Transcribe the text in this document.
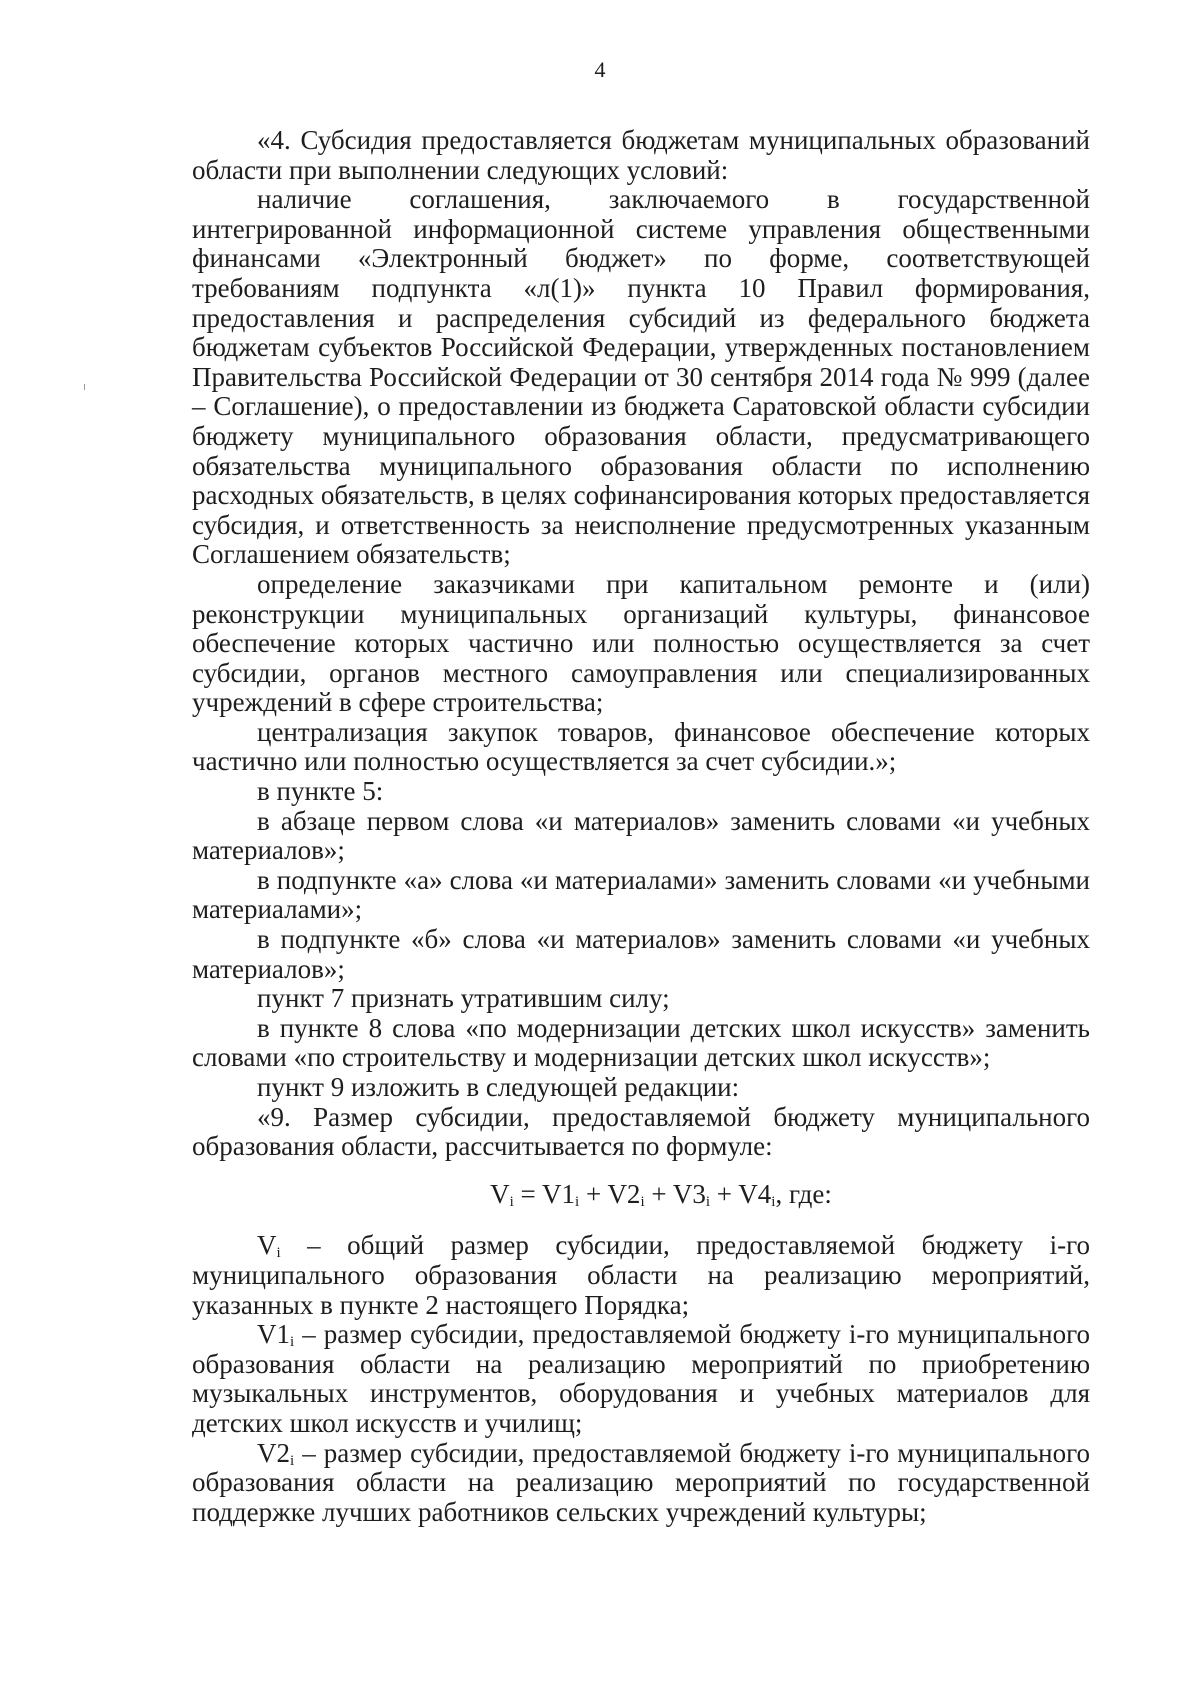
4

«4. Субсидия предоставляется бюджетам муниципальных образований области при выполнении следующих условий:

наличие соглашения, заключаемого в государственной интегрированной информационной системе управления общественными финансами «Электронный бюджет» по форме, соответствующей требованиям подпункта «л(1)» пункта 10 Правил формирования, предоставления и распределения субсидий из федерального бюджета бюджетам субъектов Российской Федерации, утвержденных постановлением Правительства Российской Федерации от 30 сентября 2014 года № 999 (далее – Соглашение), о предоставлении из бюджета Саратовской области субсидии бюджету муниципального образования области, предусматривающего обязательства муниципального образования области по исполнению расходных обязательств, в целях софинансирования которых предоставляется субсидия, и ответственность за неисполнение предусмотренных указанным Соглашением обязательств;

определение заказчиками при капитальном ремонте и (или) реконструкции муниципальных организаций культуры, финансовое обеспечение которых частично или полностью осуществляется за счет субсидии, органов местного самоуправления или специализированных учреждений в сфере строительства;

централизация закупок товаров, финансовое обеспечение которых частично или полностью осуществляется за счет субсидии.»;

в пункте 5:

в абзаце первом слова «и материалов» заменить словами «и учебных материалов»;

в подпункте «а» слова «и материалами» заменить словами «и учебными материалами»;

в подпункте «б» слова «и материалов» заменить словами «и учебных материалов»;

пункт 7 признать утратившим силу;

в пункте 8 слова «по модернизации детских школ искусств» заменить словами «по строительству и модернизации детских школ искусств»;

пункт 9 изложить в следующей редакции:

«9. Размер субсидии, предоставляемой бюджету муниципального образования области, рассчитывается по формуле:

$V_i = V1_i + V2_i + V3_i + V4_i$, где:

$V_i$ – общий размер субсидии, предоставляемой бюджету i-го муниципального образования области на реализацию мероприятий, указанных в пункте 2 настоящего Порядка;

$V1_i$ – размер субсидии, предоставляемой бюджету i-го муниципального образования области на реализацию мероприятий по приобретению музыкальных инструментов, оборудования и учебных материалов для детских школ искусств и училищ;

$V2_i$ – размер субсидии, предоставляемой бюджету i-го муниципального образования области на реализацию мероприятий по государственной поддержке лучших работников сельских учреждений культуры;
